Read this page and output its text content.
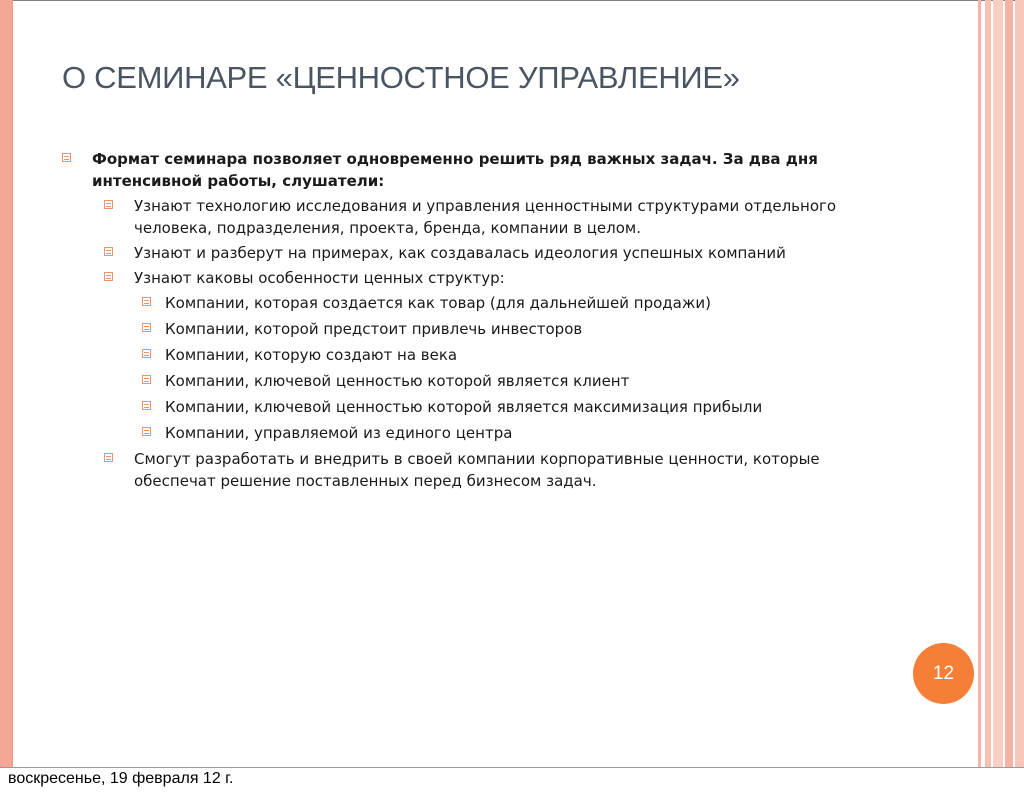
О СЕМИНАРЕ «ЦЕННОСТНОЕ УПРАВЛЕНИЕ»
Формат семинара позволяет одновременно решить ряд важных задач. За два дня интенсивной работы, слушатели:
Узнают технологию исследования и управления ценностными структурами отдельного человека, подразделения, проекта, бренда, компании в целом.
Узнают и разберут на примерах, как создавалась идеология успешных компаний
Узнают каковы особенности ценных структур:
Компании, которая создается как товар (для дальнейшей продажи)
Компании, которой предстоит привлечь инвесторов
Компании, которую создают на века
Компании, ключевой ценностью которой является клиент
Компании, ключевой ценностью которой является максимизация прибыли
Компании, управляемой из единого центра
Смогут разработать и внедрить в своей компании корпоративные ценности, которые обеспечат решение поставленных перед бизнесом задач.
12
воскресенье, 19 февраля 12 г.
